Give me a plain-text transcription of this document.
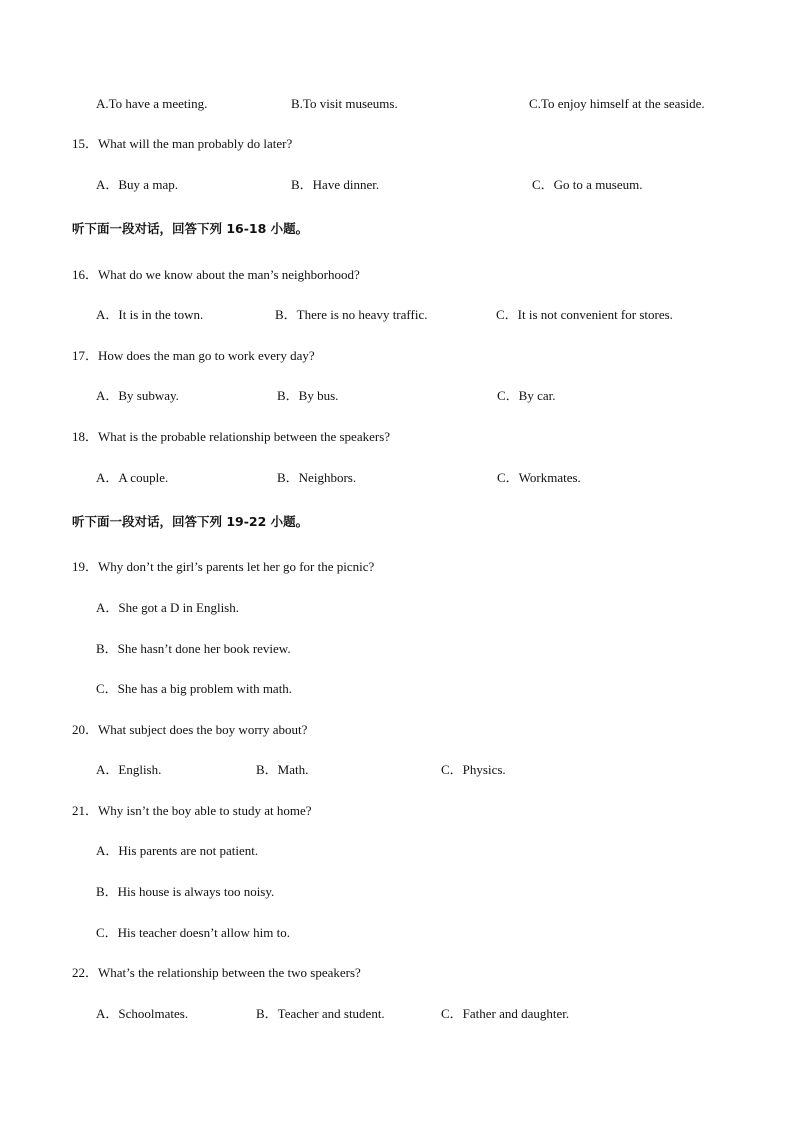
A.To have a meeting.	B.To visit museums.	C.To enjoy himself at the seaside.
15．What will the man probably do later?
A．Buy a map.	B．Have dinner.	C．Go to a museum.
听下面一段对话，回答下列 16-18 小题。
16．What do we know about the man’s neighborhood?
A．It is in the town.	B．There is no heavy traffic.	C．It is not convenient for stores.
17．How does the man go to work every day?
A．By subway.	B．By bus.	C．By car.
18．What is the probable relationship between the speakers?
A．A couple.	B．Neighbors.	C．Workmates.
听下面一段对话，回答下列 19-22 小题。
19．Why don’t the girl’s parents let her go for the picnic?
A．She got a D in English.
B．She hasn’t done her book review.
C．She has a big problem with math.
20．What subject does the boy worry about?
A．English.	B．Math.	C．Physics.
21．Why isn’t the boy able to study at home?
A．His parents are not patient.
B．His house is always too noisy.
C．His teacher doesn’t allow him to.
22．What’s the relationship between the two speakers?
A．Schoolmates.	B．Teacher and student.	C．Father and daughter.
